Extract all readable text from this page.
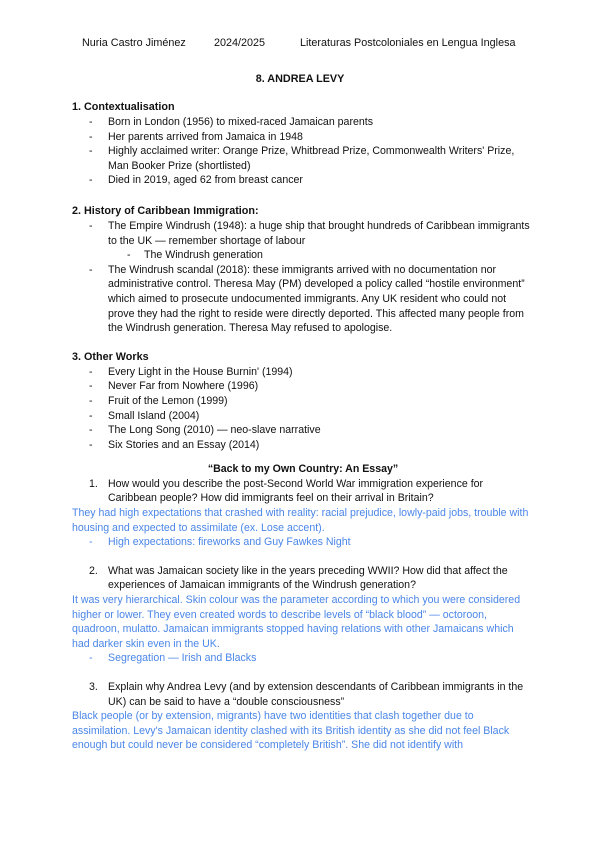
Nuria Castro Jiménez	2024/2025	Literaturas Postcoloniales en Lengua Inglesa
8. ANDREA LEVY
1. Contextualisation
- Born in London (1956) to mixed-raced Jamaican parents
- Her parents arrived from Jamaica in 1948
- Highly acclaimed writer: Orange Prize, Whitbread Prize, Commonwealth Writers' Prize, Man Booker Prize (shortlisted)
- Died in 2019, aged 62 from breast cancer
2. History of Caribbean Immigration:
- The Empire Windrush (1948): a huge ship that brought hundreds of Caribbean immigrants to the UK — remember shortage of labour
- The Windrush generation
- The Windrush scandal (2018): these immigrants arrived with no documentation nor administrative control. Theresa May (PM) developed a policy called “hostile environment” which aimed to prosecute undocumented immigrants. Any UK resident who could not prove they had the right to reside were directly deported. This affected many people from the Windrush generation. Theresa May refused to apologise.
3. Other Works
- Every Light in the House Burnin' (1994)
- Never Far from Nowhere (1996)
- Fruit of the Lemon (1999)
- Small Island (2004)
- The Long Song (2010) — neo-slave narrative
- Six Stories and an Essay (2014)
“Back to my Own Country: An Essay”
1. How would you describe the post-Second World War immigration experience for Caribbean people? How did immigrants feel on their arrival in Britain?
They had high expectations that crashed with reality: racial prejudice, lowly-paid jobs, trouble with housing and expected to assimilate (ex. Lose accent).
- High expectations: fireworks and Guy Fawkes Night
2. What was Jamaican society like in the years preceding WWII? How did that affect the experiences of Jamaican immigrants of the Windrush generation?
It was very hierarchical. Skin colour was the parameter according to which you were considered higher or lower. They even created words to describe levels of “black blood” — octoroon, quadroon, mulatto. Jamaican immigrants stopped having relations with other Jamaicans which had darker skin even in the UK.
- Segregation — Irish and Blacks
3. Explain why Andrea Levy (and by extension descendants of Caribbean immigrants in the UK) can be said to have a “double consciousness”
Black people (or by extension, migrants) have two identities that clash together due to assimilation. Levy's Jamaican identity clashed with its British identity as she did not feel Black enough but could never be considered “completely British”. She did not identify with
